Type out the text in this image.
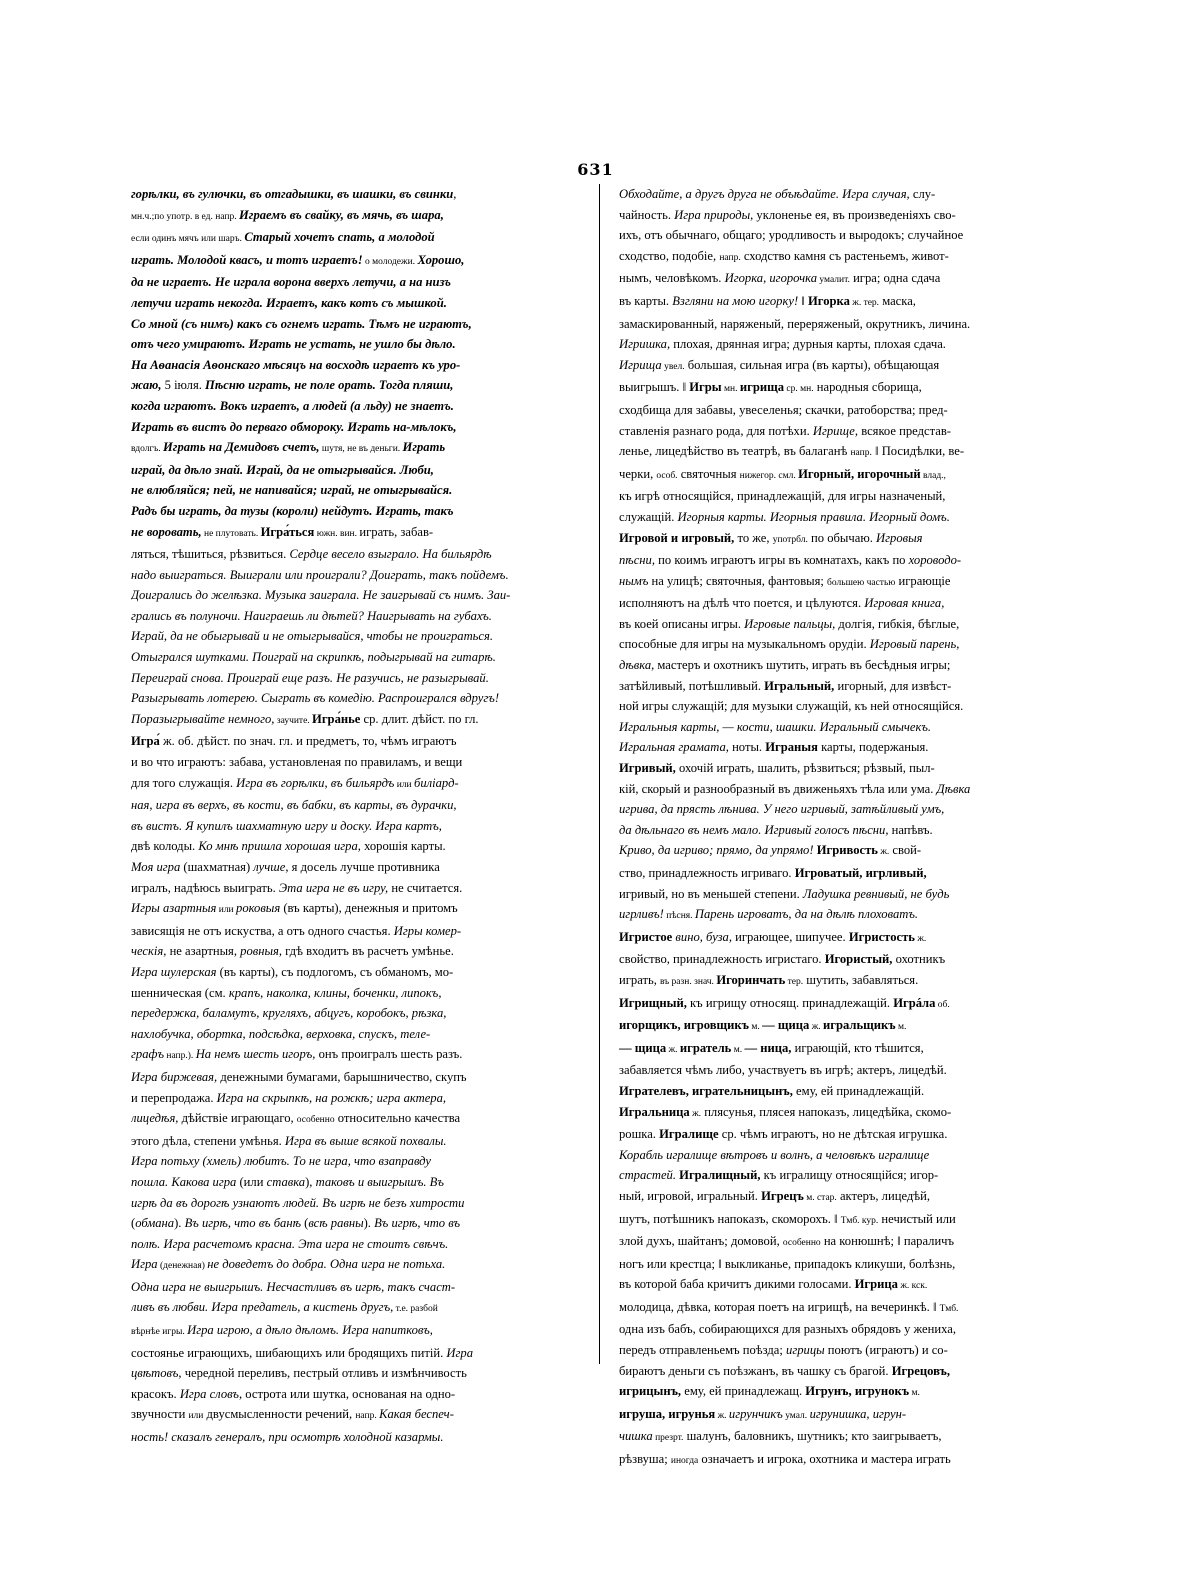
631
горѣлки, въ гулючки, въ отгадышки, въ шашки, въ свинки,
мн.ч.;по употр. в ед. напр. Играемъ въ свайку, въ мячь, въ шара,
если одинъ мячъ или шаръ. Старый хочетъ спать, а молодой
играть. Молодой квасъ, и тотъ играетъ! о молодежи. Хорошо,
да не играетъ. Не играла ворона вверхъ летучи, а на низъ
летучи играть некогда. Играетъ, какъ котъ съ мышкой.
Со мной (съ нимъ) какъ съ огнемъ играть. Тѣмъ не играютъ,
отъ чего умираютъ. Играть не устать, не ушло бы дѣло.
На Аѳанасія Аѳонскаго мѣсяцъ на восходѣ играетъ къ уро-
жаю, 5 іюля. Пѣсню играть, не поле орать. Тогда пляши,
когда играютъ. Вокъ играетъ, а людей (а льду) не знаетъ.
Играть въ вистъ до перваго обмороку. Играть на-мѣлокъ,
вдолгъ. Играть на Демидовъ счетъ, шутя, не въ деньги. Играть
играй, да дѣло знай. Играй, да не отыгрывайся. Люби,
не влюбляйся; пей, не напивайся; играй, не отыгрывайся.
Радъ бы играть, да тузы (короли) нейдутъ. Играть, такъ
не воровать, не плутовать. Игра́ться южн. вин. играть, забав-
ляться, тѣшиться, рѣзвиться. Сердце весело взыграло. На бильярдѣ
надо выиграться. Выиграли или проиграли? Доиграть, такъ пойдемъ.
Доигрались до желѣзка. Музыка заиграла. Не заигрывай съ нимъ. Заи-
грались въ полуночи. Наиграешь ли дѣтей? Наигрывать на губахъ.
Играй, да не обыгрывай и не отыгрывайся, чтобы не проиграться.
Отыгрался шутками. Поиграй на скрипкѣ, подыгрывай на гитарѣ.
Переиграй снова. Проиграй еще разъ. Не разучись, не разыгрывай.
Разыгрывать лотерею. Сыграть въ комедію. Распроигрался вдругъ!
Поразыгрывайте немного, заучите. Игра́нье ср. длит. дѣйст. по гл.
Игра́ ж. об. дѣйст. по знач. гл. и предметъ, то, чѣмъ играютъ
и во что играютъ: забава, установленая по правиламъ, и вещи
для того служащія. Игра въ горѣлки, въ бильярдъ или биліард-
ная, игра въ верхъ, въ кости, въ бабки, въ карты, въ дурачки,
въ вистъ. Я купилъ шахматную игру и доску. Игра картъ,
двѣ колоды. Ко мнѣ пришла хорошая игра, хорошія карты.
Моя игра (шахматная) лучше, я досель лучше противника
игралъ, надѣюсь выиграть. Эта игра не въ игру, не считается.
Игры азартныя или роковыя (въ карты), денежныя и притомъ
зависящія не отъ искуства, а отъ одного счастья. Игры комер-
ческія, не азартныя, ровныя, гдѣ входитъ въ расчетъ умѣнье.
Игра шулерская (въ карты), съ подлогомъ, съ обманомъ, мо-
шенническая (см. крапъ, наколка, клины, боченки, липокъ,
передержка, баламутъ, кругляхъ, абцугъ, коробокъ, рѣзка,
нахлобучка, обортка, подсѣдка, верховка, спускъ, теле-
графъ напр.). На немъ шесть игоръ, онъ проигралъ шесть разъ.
Игра биржевая, денежными бумагами, барышничество, скупъ
и перепродажа. Игра на скрыпкѣ, на рожкѣ; игра актера,
лицедѣя, дѣйствіе играющаго, особенно относительно качества
этого дѣла, степени умѣнья. Игра въ выше всякой похвалы.
Игра потьху (хмель) любитъ. То не игра, что взаправду
пошла. Какова игра (или ставка), таковъ и выигрышъ. Въ
игрѣ да въ дорогѣ узнаютъ людей. Въ игрѣ не безъ хитрости
(обмана). Въ игрѣ, что въ банѣ (всѣ равны). Въ игрѣ, что въ
полѣ. Игра расчетомъ красна. Эта игра не стоитъ свѣчъ.
Игра (денежная) не доведетъ до добра. Одна игра не потьха.
Одна игра не выигрышъ. Несчастливъ въ игрѣ, такъ счаст-
ливъ въ любви. Игра предатель, а кистень другъ, т.е. разбой
вѣрнѣе игры. Игра игрою, а дѣло дѣломъ. Игра напитковъ,
состоянье играющихъ, шибающихъ или бродящихъ питій. Игра
цвѣтовъ, чередной переливъ, пестрый отливъ и измѣнчивость
красокъ. Игра словъ, острота или шутка, основаная на одно-
звучности или двусмысленности речений, напр. Какая беспеч-
ность! сказалъ генералъ, при осмотрѣ холодной казармы.
Обходайте, а другъ друга не объѣдайте. Игра случая, слу-
чайность. Игра природы, уклоненье ея, въ произведеніяхъ сво-
ихъ, отъ обычнаго, общаго; уродливость и выродокъ; случайное
сходство, подобіе, напр. сходство камня съ растеньемъ, живот-
нымъ, человѣкомъ. Игорка, игорочка умалит. игра; одна сдача
въ карты. Взгляни на мою игорку! ‖ Игорка ж. тер. маска,
замаскированный, наряженый, переряженый, окрутникъ, личина.
Игришка, плохая, дрянная игра; дурныя карты, плохая сдача.
Игрища увел. большая, сильная игра (въ карты), обѣщающая
выигрышъ. ‖ Игры мн. игрища ср. мн. народныя сборища,
сходбища для забавы, увеселенья; скачки, ратоборства; пред-
ставленія разнаго рода, для потѣхи. Игрище, всякое представ-
ленье, лицедѣйство въ театрѣ, въ балаганѣ напр. ‖ Посидѣлки, ве-
черки, особ. святочныя нижегор. смл. Игорный, игорочный влад.,
къ игрѣ относящійся, принадлежащій, для игры назначеный,
служащій. Игорныя карты. Игорныя правила. Игорный домъ.
Игровой и игровый, то же, употрбл. по обычаю. Игровыя
пѣсни, по коимъ играютъ игры въ комнатахъ, какъ по хороводо-
нымъ на улицѣ; святочныя, фантовыя; большею частью играющіе
исполняютъ на дѣлѣ что поется, и цѣлуются. Игровая книга,
въ коей описаны игры. Игровые пальцы, долгія, гибкія, бѣглые,
способные для игры на музыкальномъ орудіи. Игровый парень,
дѣвка, мастеръ и охотникъ шутить, играть въ бесѣдныя игры;
затѣйливый, потѣшливый. Игральный, игорный, для извѣст-
ной игры служащій; для музыки служащій, къ ней относящійся.
Игральныя карты, — кости, шашки. Игральный смычекъ.
Игральная грамата, ноты. Играныя карты, подержаныя.
Игривый, охочій играть, шалить, рѣзвиться; рѣзвый, пыл-
кій, скорый и разнообразный въ движеньяхъ тѣла или ума. Дѣвка
игрива, да прясть лѣнива. У него игривый, затѣйливый умъ,
да дѣльнаго въ немъ мало. Игривый голосъ пѣсни, напѣвъ.
Криво, да игриво; прямо, да упрямо! Игривость ж. свой-
ство, принадлежность игриваго. Игроватый, игрливый,
игривый, но въ меньшей степени. Ладушка ревнивый, не будь
игрливъ! пѣсня. Парень игроватъ, да на дѣлѣ плоховатъ.
Игристое вино, буза, играющее, шипучее. Игристость ж.
свойство, принадлежность игристаго. Игористый, охотникъ
играть, въ разн. знач. Игоринчать тер. шутить, забавляться.
Игрищный, къ игрищу относящ. принадлежащій. Игрáла об.
игорщикъ, игровщикъ м. — щица ж. игральщикъ м.
— щица ж. игратель м. — ница, играющій, кто тѣшится,
забавляется чѣмъ либо, участвуетъ въ игрѣ; актеръ, лицедѣй.
Игрателевъ, игрательницынъ, ему, ей принадлежащій.
Игральница ж. плясунья, плясея напоказъ, лицедѣйка, скомо-
рошка. Игралище ср. чѣмъ играютъ, но не дѣтская игрушка.
Корабль игралище вѣтровъ и волнъ, а человѣкъ игралище
страстей. Игралищный, къ игралищу относящійся; игор-
ный, игровой, игральный. Игрецъ м. стар. актеръ, лицедѣй,
шутъ, потѣшникъ напоказъ, скоморохъ. ‖ Тмб. кур. нечистый или
злой духъ, шайтанъ; домовой, особенно на конюшнѣ; ‖ параличъ
ногъ или крестца; ‖ выкликанье, припадокъ кликуши, болѣзнь,
въ которой баба кричитъ дикими голосами. Игрица ж. кск.
молодица, дѣвка, которая поетъ на игрищѣ, на вечеринкѣ. ‖ Тмб.
одна изъ бабъ, собирающихся для разныхъ обрядовъ у жениха,
передъ отправленьемъ поѣзда; игрицы поютъ (играютъ) и со-
бираютъ деньги съ поѣзжанъ, въ чашку съ брагой. Игрецовъ,
игрицынъ, ему, ей принадлежащ. Игрунъ, игрунокъ м.
игруша, игрунья ж. игрунчикъ умал. игрунишка, игрун-
чишка презрт. шалунъ, баловникъ, шутникъ; кто заигрываетъ,
рѣзвуша; иногда означаетъ и игрока, охотника и мастера играть
